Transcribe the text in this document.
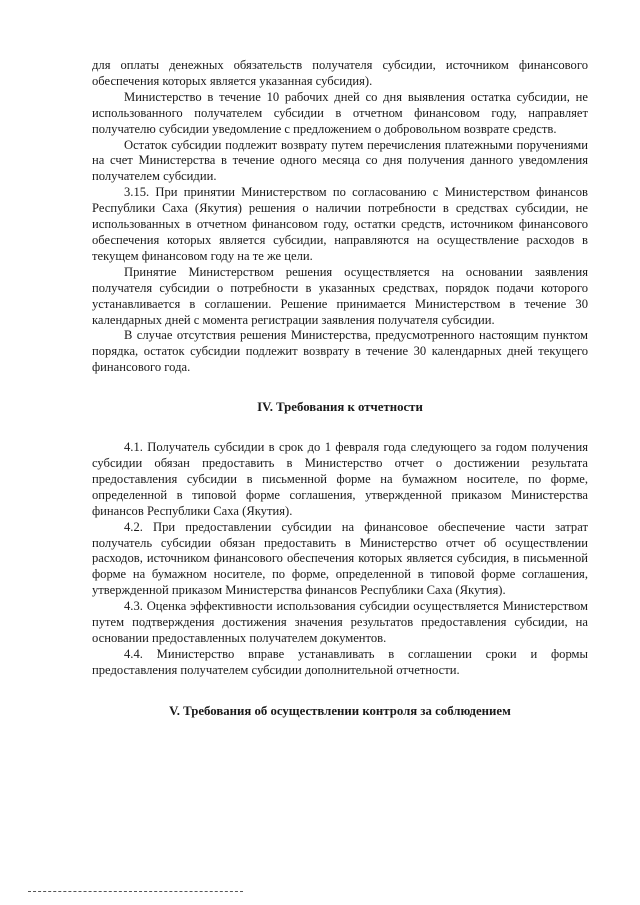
для оплаты денежных обязательств получателя субсидии, источником финансового обеспечения которых является указанная субсидия).

Министерство в течение 10 рабочих дней со дня выявления остатка субсидии, не использованного получателем субсидии в отчетном финансовом году, направляет получателю субсидии уведомление с предложением о добровольном возврате средств.

Остаток субсидии подлежит возврату путем перечисления платежными поручениями на счет Министерства в течение одного месяца со дня получения данного уведомления получателем субсидии.

3.15. При принятии Министерством по согласованию с Министерством финансов Республики Саха (Якутия) решения о наличии потребности в средствах субсидии, не использованных в отчетном финансовом году, остатки средств, источником финансового обеспечения которых является субсидии, направляются на осуществление расходов в текущем финансовом году на те же цели.

Принятие Министерством решения осуществляется на основании заявления получателя субсидии о потребности в указанных средствах, порядок подачи которого устанавливается в соглашении. Решение принимается Министерством в течение 30 календарных дней с момента регистрации заявления получателя субсидии.

В случае отсутствия решения Министерства, предусмотренного настоящим пунктом порядка, остаток субсидии подлежит возврату в течение 30 календарных дней текущего финансового года.

IV. Требования к отчетности

4.1. Получатель субсидии в срок до 1 февраля года следующего за годом получения субсидии обязан предоставить в Министерство отчет о достижении результата предоставления субсидии в письменной форме на бумажном носителе, по форме, определенной в типовой форме соглашения, утвержденной приказом Министерства финансов Республики Саха (Якутия).

4.2. При предоставлении субсидии на финансовое обеспечение части затрат получатель субсидии обязан предоставить в Министерство отчет об осуществлении расходов, источником финансового обеспечения которых является субсидия, в письменной форме на бумажном носителе, по форме, определенной в типовой форме соглашения, утвержденной приказом Министерства финансов Республики Саха (Якутия).

4.3. Оценка эффективности использования субсидии осуществляется Министерством путем подтверждения достижения значения результатов предоставления субсидии, на основании предоставленных получателем документов.

4.4. Министерство вправе устанавливать в соглашении сроки и формы предоставления получателем субсидии дополнительной отчетности.

V. Требования об осуществлении контроля за соблюдением
